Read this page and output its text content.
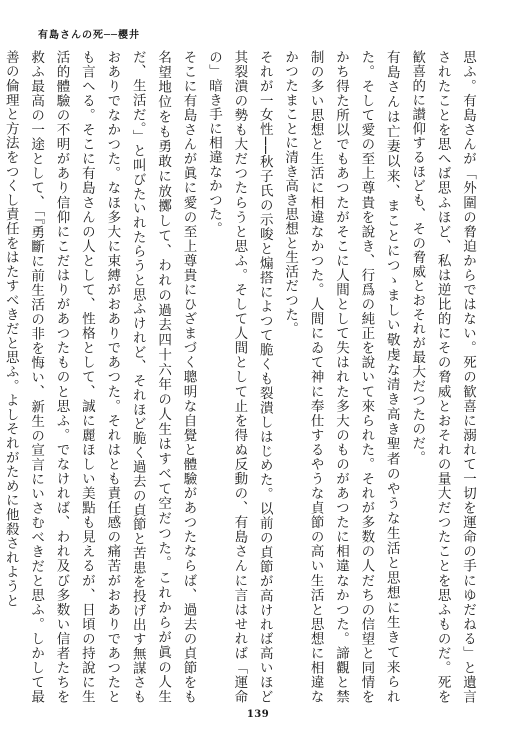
有島さんの死──櫻井

思ふ。有島さんが「外圍の脅迫からではない。死の歓喜に溺れて一切を運命の手にゆだねる」と遺言されたことを思へば思ふほど、私は逆比的にその脅威とおそれの量大だつたことを思ふものだ。死を歓喜的に讃仰するほども、その脅威とおそれが最大だつたのだ。

有島さんは亡妻以来、まことにつゝましい敬虔な清き高き聖者のやうな生活と思想に生きて来られた。そして愛の至上尊貴を說き、行爲の純正を說いて來られた。それが多数の人だちの信望と同情をかち得た所以でもあつたがそこに人間として失はれた多大のものがあつたに相違なかつた。諦觀と禁制の多い思想と生活に相違なかつた。人間にゐて神に奉仕するやうな貞節の高い生活と思想に相違なかつたまことに清き高き思想と生活だつた。

それが一女性──秋子氏の示唆と煽搭によつて脆くも裂潰しはじめた。以前の貞節が高ければ高いほど其裂潰の勢も大だつたらうと思ふ。そして人間として止を得ぬ反動の、有島さんに言はせれば「運命の」暗き手に相違なかつた。

そこに有島さんが眞に愛の至上尊貴にひざまづく聰明な自覺と體驗があつたならば、過去の貞節をも名望地位をも勇敢に放擲して、われの過去四十六年の人生はすべて空だつた。これからが眞の人生だ、生活だ。」と叫びたいれたらうと思ふけれど、それほど脆く過去の貞節と苦患を投げ出す無謀さもおありでなかつた。なほ多大に束縛がおありであつた。それはとも責任感の痛苦がおありであつたとも言へる。そこに有島さんの人として、性格として、誠に麗ほしい美點も見えるが、日頃の持說に生活的體驗の不明があり信仰にこだはりがあつたものと思ふ。でなければ、われ及び多数い信者たちを救ふ最高の一途として、「『勇斷に前生活の非を悔い、新生の宣言にいさむべきだと思ふ。しかして最善の倫理と方法をつくし責任をはたすべきだと思ふ。よしそれがために他殺されようと

139
